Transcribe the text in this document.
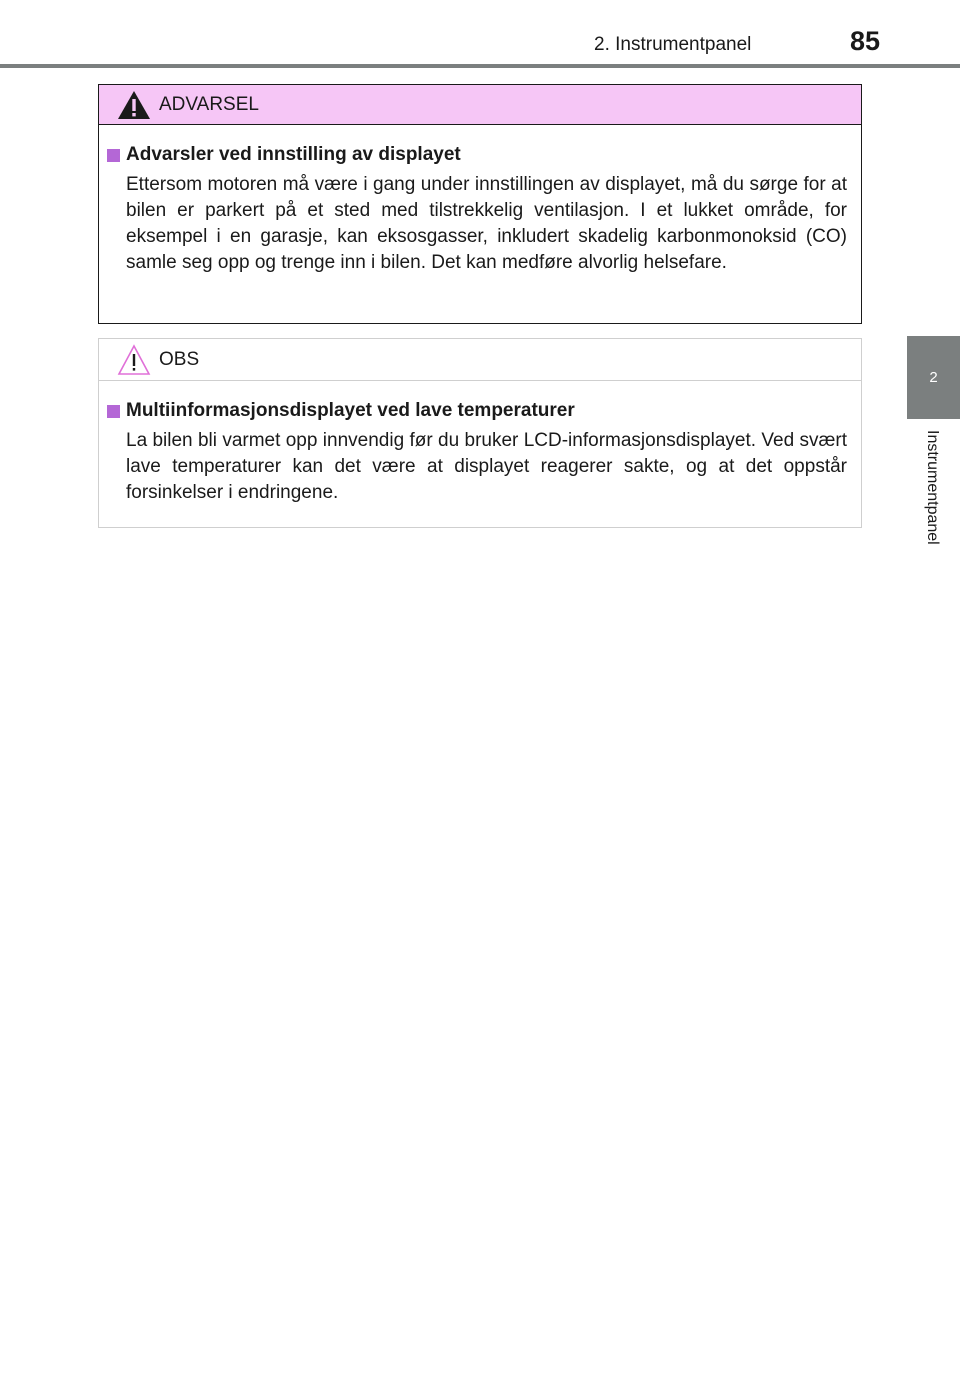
2. Instrumentpanel	85
2
Instrumentpanel
ADVARSEL
Advarsler ved innstilling av displayet
Ettersom motoren må være i gang under innstillingen av displayet, må du sørge for at bilen er parkert på et sted med tilstrekkelig ventilasjon. I et lukket område, for eksempel i en garasje, kan eksosgasser, inkludert skadelig karbonmonoksid (CO) samle seg opp og trenge inn i bilen. Det kan medføre alvorlig helsefare.
OBS
Multiinformasjonsdisplayet ved lave temperaturer
La bilen bli varmet opp innvendig før du bruker LCD-informasjonsdisplayet. Ved svært lave temperaturer kan det være at displayet reagerer sakte, og at det oppstår forsinkelser i endringene.
